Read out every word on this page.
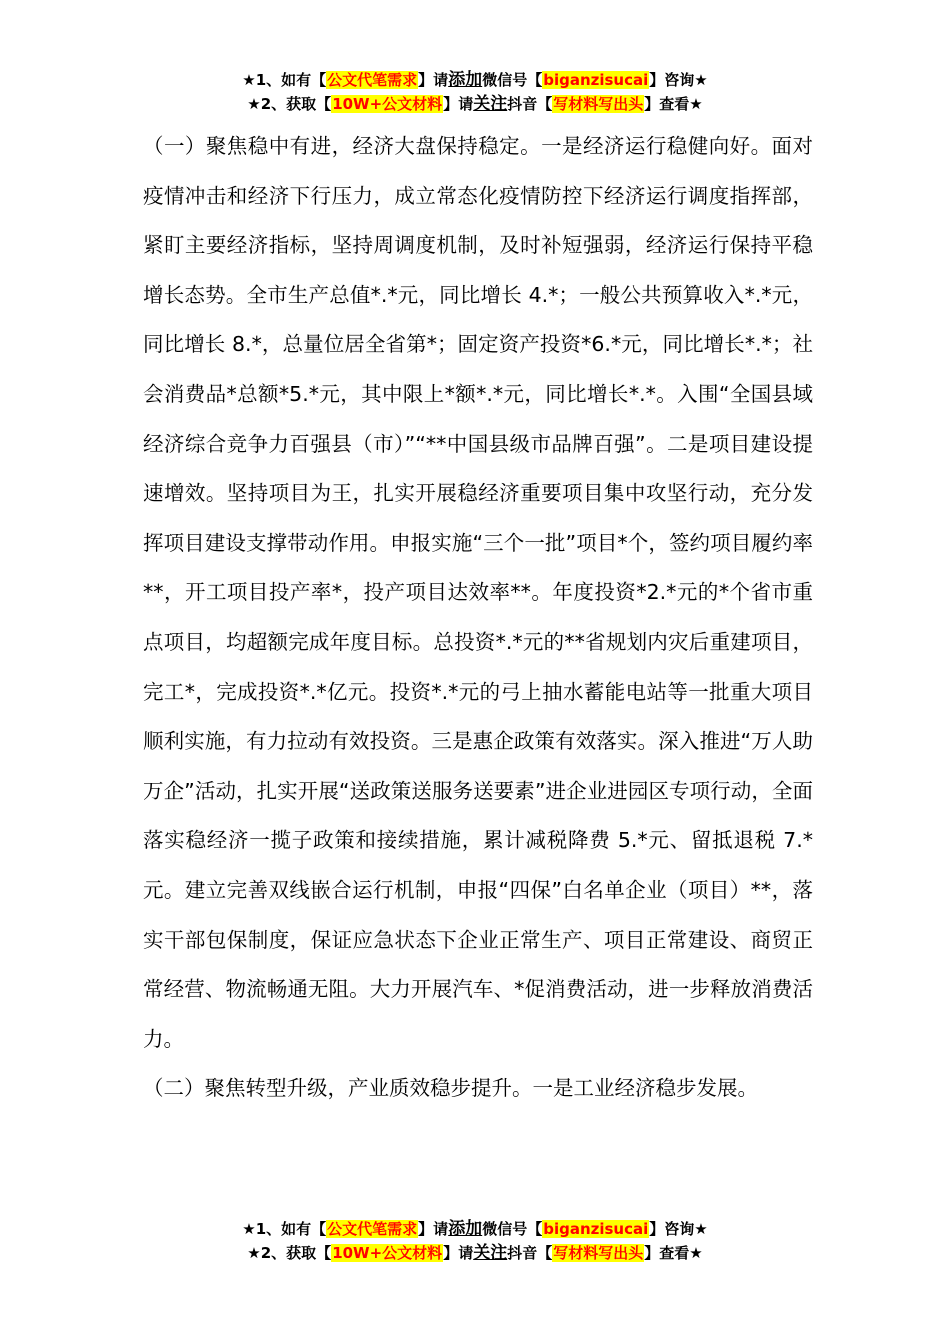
★1、如有【公文代笔需求】请添加微信号【biganzisucai】咨询★
★2、获取【10W+公文材料】请关注抖音【写材料写出头】查看★

（一）聚焦稳中有进，经济大盘保持稳定。一是经济运行稳健向好。面对疫情冲击和经济下行压力，成立常态化疫情防控下经济运行调度指挥部，紧盯主要经济指标，坚持周调度机制，及时补短强弱，经济运行保持平稳增长态势。全市生产总值*.*元，同比增长 4.*；一般公共预算收入*.*元，同比增长 8.*，总量位居全省第*；固定资产投资*6.*元，同比增长*.*；社会消费品*总额*5.*元，其中限上*额*.*元，同比增长*.*。入围“全国县域经济综合竞争力百强县（市）”“**中国县级市品牌百强”。二是项目建设提速增效。坚持项目为王，扎实开展稳经济重要项目集中攻坚行动，充分发挥项目建设支撑带动作用。申报实施“三个一批”项目*个，签约项目履约率**，开工项目投产率*，投产项目达效率**。年度投资*2.*元的*个省市重点项目，均超额完成年度目标。总投资*.*元的**省规划内灾后重建项目，完工*，完成投资*.*亿元。投资*.*元的弓上抽水蓄能电站等一批重大项目顺利实施，有力拉动有效投资。三是惠企政策有效落实。深入推进“万人助万企”活动，扎实开展“送政策送服务送要素”进企业进园区专项行动，全面落实稳经济一揽子政策和接续措施，累计减税降费 5.*元、留抵退税 7.*元。建立完善双线嵌合运行机制，申报“四保”白名单企业（项目）**，落实干部包保制度，保证应急状态下企业正常生产、项目正常建设、商贸正常经营、物流畅通无阻。大力开展汽车、*促消费活动，进一步释放消费活力。

（二）聚焦转型升级，产业质效稳步提升。一是工业经济稳步发展。

★1、如有【公文代笔需求】请添加微信号【biganzisucai】咨询★
★2、获取【10W+公文材料】请关注抖音【写材料写出头】查看★
